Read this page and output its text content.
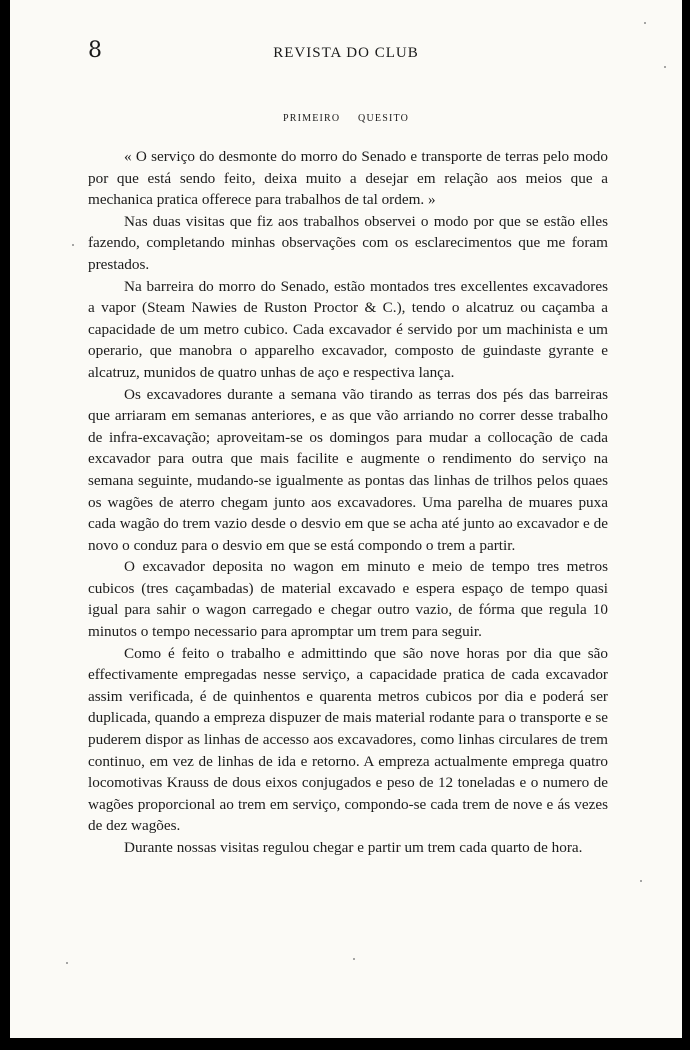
8	REVISTA DO CLUB
PRIMEIRO QUESITO

« O serviço do desmonte do morro do Senado e transporte de terras pelo modo por que está sendo feito, deixa muito a desejar em relação aos meios que a mechanica pratica offerece para trabalhos de tal ordem. »

Nas duas visitas que fiz aos trabalhos observei o modo por que se estão elles fazendo, completando minhas observações com os esclarecimentos que me foram prestados.

Na barreira do morro do Senado, estão montados tres excellentes excavadores a vapor (Steam Nawies de Ruston Proctor & C.), tendo o alcatruz ou caçamba a capacidade de um metro cubico. Cada excavador é servido por um machinista e um operario, que manobra o apparelho excavador, composto de guindaste gyrante e alcatruz, munidos de quatro unhas de aço e respectiva lança.

Os excavadores durante a semana vão tirando as terras dos pés das barreiras que arriaram em semanas anteriores, e as que vão arriando no correr desse trabalho de infra-excavação; aproveitam-se os domingos para mudar a collocação de cada excavador para outra que mais facilite e augmente o rendimento do serviço na semana seguinte, mudando-se igualmente as pontas das linhas de trilhos pelos quaes os wagões de aterro chegam junto aos excavadores. Uma parelha de muares puxa cada wagão do trem vazio desde o desvio em que se acha até junto ao excavador e de novo o conduz para o desvio em que se está compondo o trem a partir.

O excavador deposita no wagon em minuto e meio de tempo tres metros cubicos (tres caçambadas) de material excavado e espera espaço de tempo quasi igual para sahir o wagon carregado e chegar outro vazio, de fórma que regula 10 minutos o tempo necessario para apromptar um trem para seguir.

Como é feito o trabalho e admittindo que são nove horas por dia que são effectivamente empregadas nesse serviço, a capacidade pratica de cada excavador assim verificada, é de quinhentos e quarenta metros cubicos por dia e poderá ser duplicada, quando a empreza dispuzer de mais material rodante para o transporte e se puderem dispor as linhas de accesso aos excavadores, como linhas circulares de trem continuo, em vez de linhas de ida e retorno. A empreza actualmente emprega quatro locomotivas Krauss de dous eixos conjugados e peso de 12 toneladas e o numero de wagões proporcional ao trem em serviço, compondo-se cada trem de nove e ás vezes de dez wagões.

Durante nossas visitas regulou chegar e partir um trem cada quarto de hora.
